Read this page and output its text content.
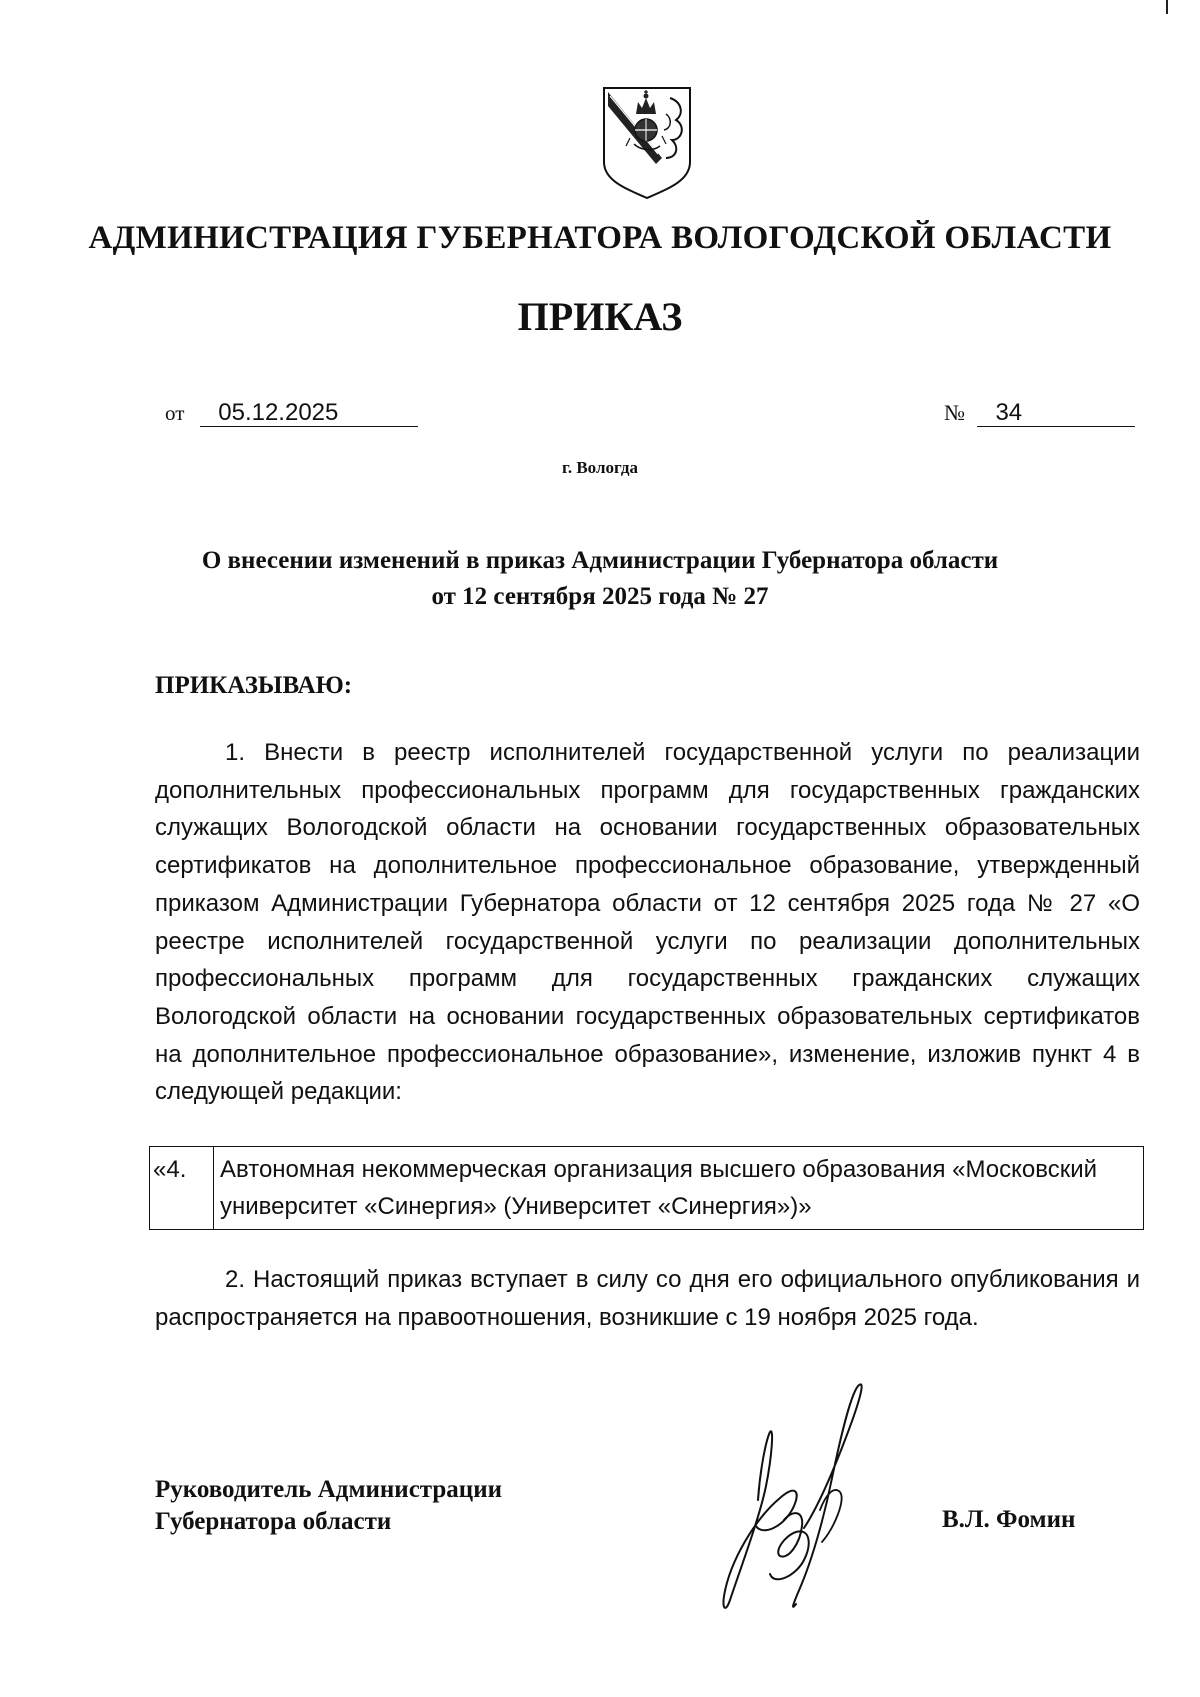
АДМИНИСТРАЦИЯ ГУБЕРНАТОРА ВОЛОГОДСКОЙ ОБЛАСТИ
ПРИКАЗ
от 05.12.2025	№ 34
г. Вологда
О внесении изменений в приказ Администрации Губернатора области
от 12 сентября 2025 года № 27
ПРИКАЗЫВАЮ:

1. Внести в реестр исполнителей государственной услуги по реализации дополнительных профессиональных программ для государственных гражданских служащих Вологодской области на основании государственных образовательных сертификатов на дополнительное профессиональное образование, утвержденный приказом Администрации Губернатора области от 12 сентября 2025 года № 27 «О реестре исполнителей государственной услуги по реализации дополнительных профессиональных программ для государственных гражданских служащих Вологодской области на основании государственных образовательных сертификатов на дополнительное профессиональное образование», изменение, изложив пункт 4 в следующей редакции:

«4.	Автономная некоммерческая организация высшего образования «Московский университет «Синергия» (Университет «Синергия»)»

2. Настоящий приказ вступает в силу со дня его официального опубликования и распространяется на правоотношения, возникшие с 19 ноября 2025 года.

Руководитель Администрации
Губернатора области	В.Л. Фомин
